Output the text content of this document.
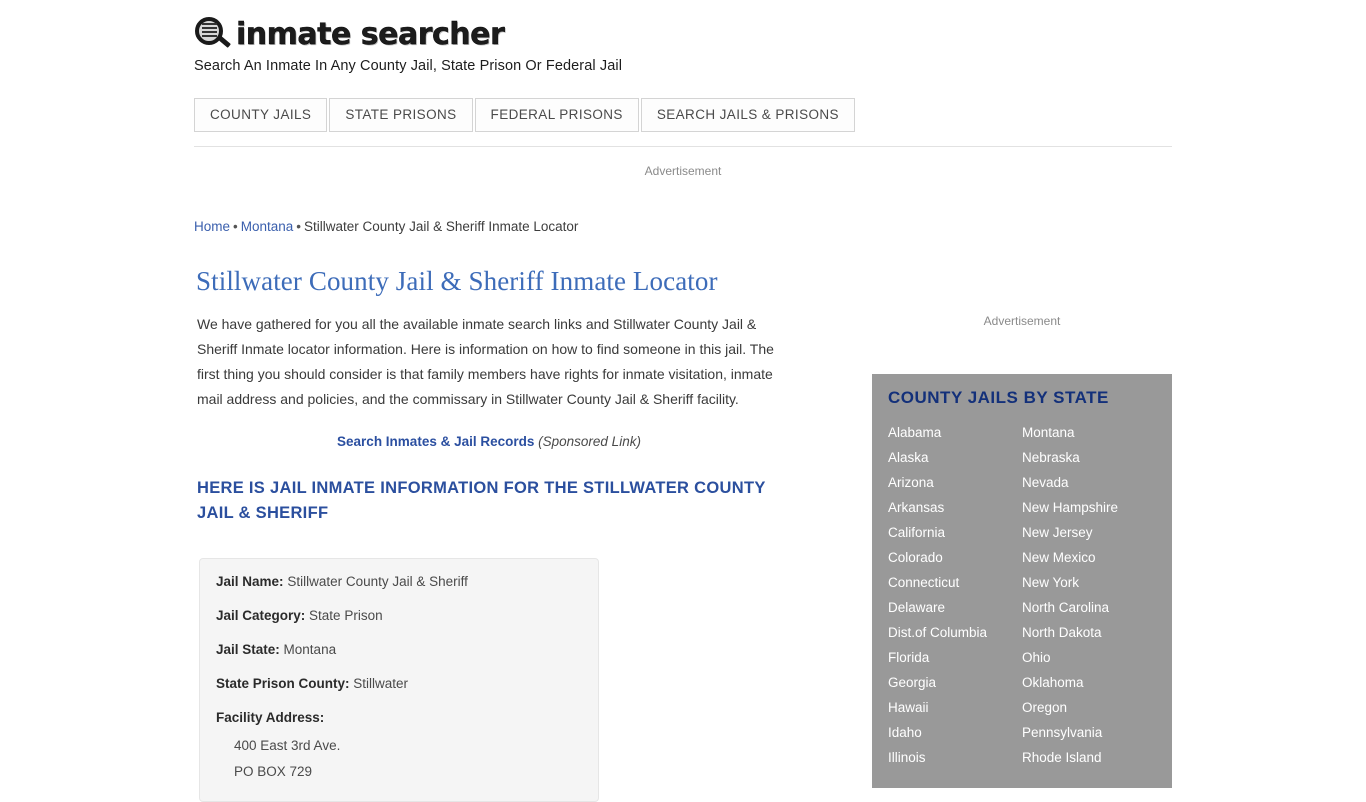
inmate searcher
Search An Inmate In Any County Jail, State Prison Or Federal Jail
COUNTY JAILS	STATE PRISONS	FEDERAL PRISONS	SEARCH JAILS & PRISONS
Advertisement
Advertisement
Home • Montana • Stillwater County Jail & Sheriff Inmate Locator
Stillwater County Jail & Sheriff Inmate Locator
We have gathered for you all the available inmate search links and Stillwater County Jail & Sheriff Inmate locator information. Here is information on how to find someone in this jail. The first thing you should consider is that family members have rights for inmate visitation, inmate mail address and policies, and the commissary in Stillwater County Jail & Sheriff facility.
Search Inmates & Jail Records (Sponsored Link)
HERE IS JAIL INMATE INFORMATION FOR THE STILLWATER COUNTY JAIL & SHERIFF
Jail Name: Stillwater County Jail & Sheriff
Jail Category: State Prison
Jail State: Montana
State Prison County: Stillwater
Facility Address:
400 East 3rd Ave.
PO BOX 729
COUNTY JAILS BY STATE
Alabama
Alaska
Arizona
Arkansas
California
Colorado
Connecticut
Delaware
Dist.of Columbia
Florida
Georgia
Hawaii
Idaho
Illinois
Montana
Nebraska
Nevada
New Hampshire
New Jersey
New Mexico
New York
North Carolina
North Dakota
Ohio
Oklahoma
Oregon
Pennsylvania
Rhode Island
